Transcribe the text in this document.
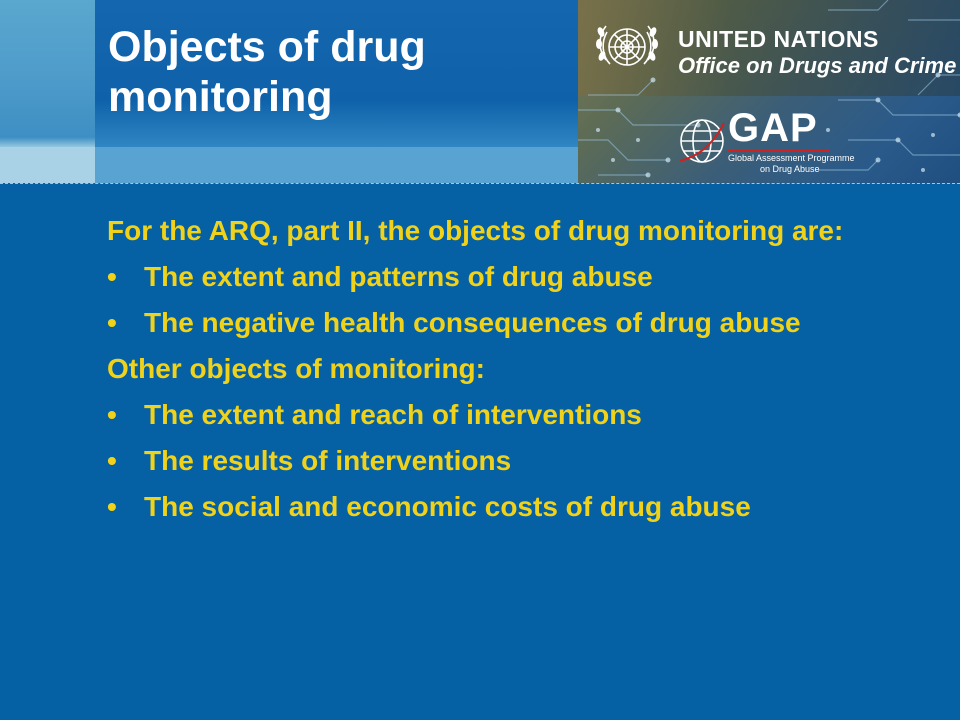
Objects of drug monitoring
UNITED NATIONS
Office on Drugs and Crime
GAP
Global Assessment Programme
on Drug Abuse

For the ARQ, part II, the objects of drug monitoring are:

• The extent and patterns of drug abuse
• The negative health consequences of drug abuse

Other objects of monitoring:

• The extent and reach of interventions
• The results of interventions
• The social and economic costs of drug abuse
